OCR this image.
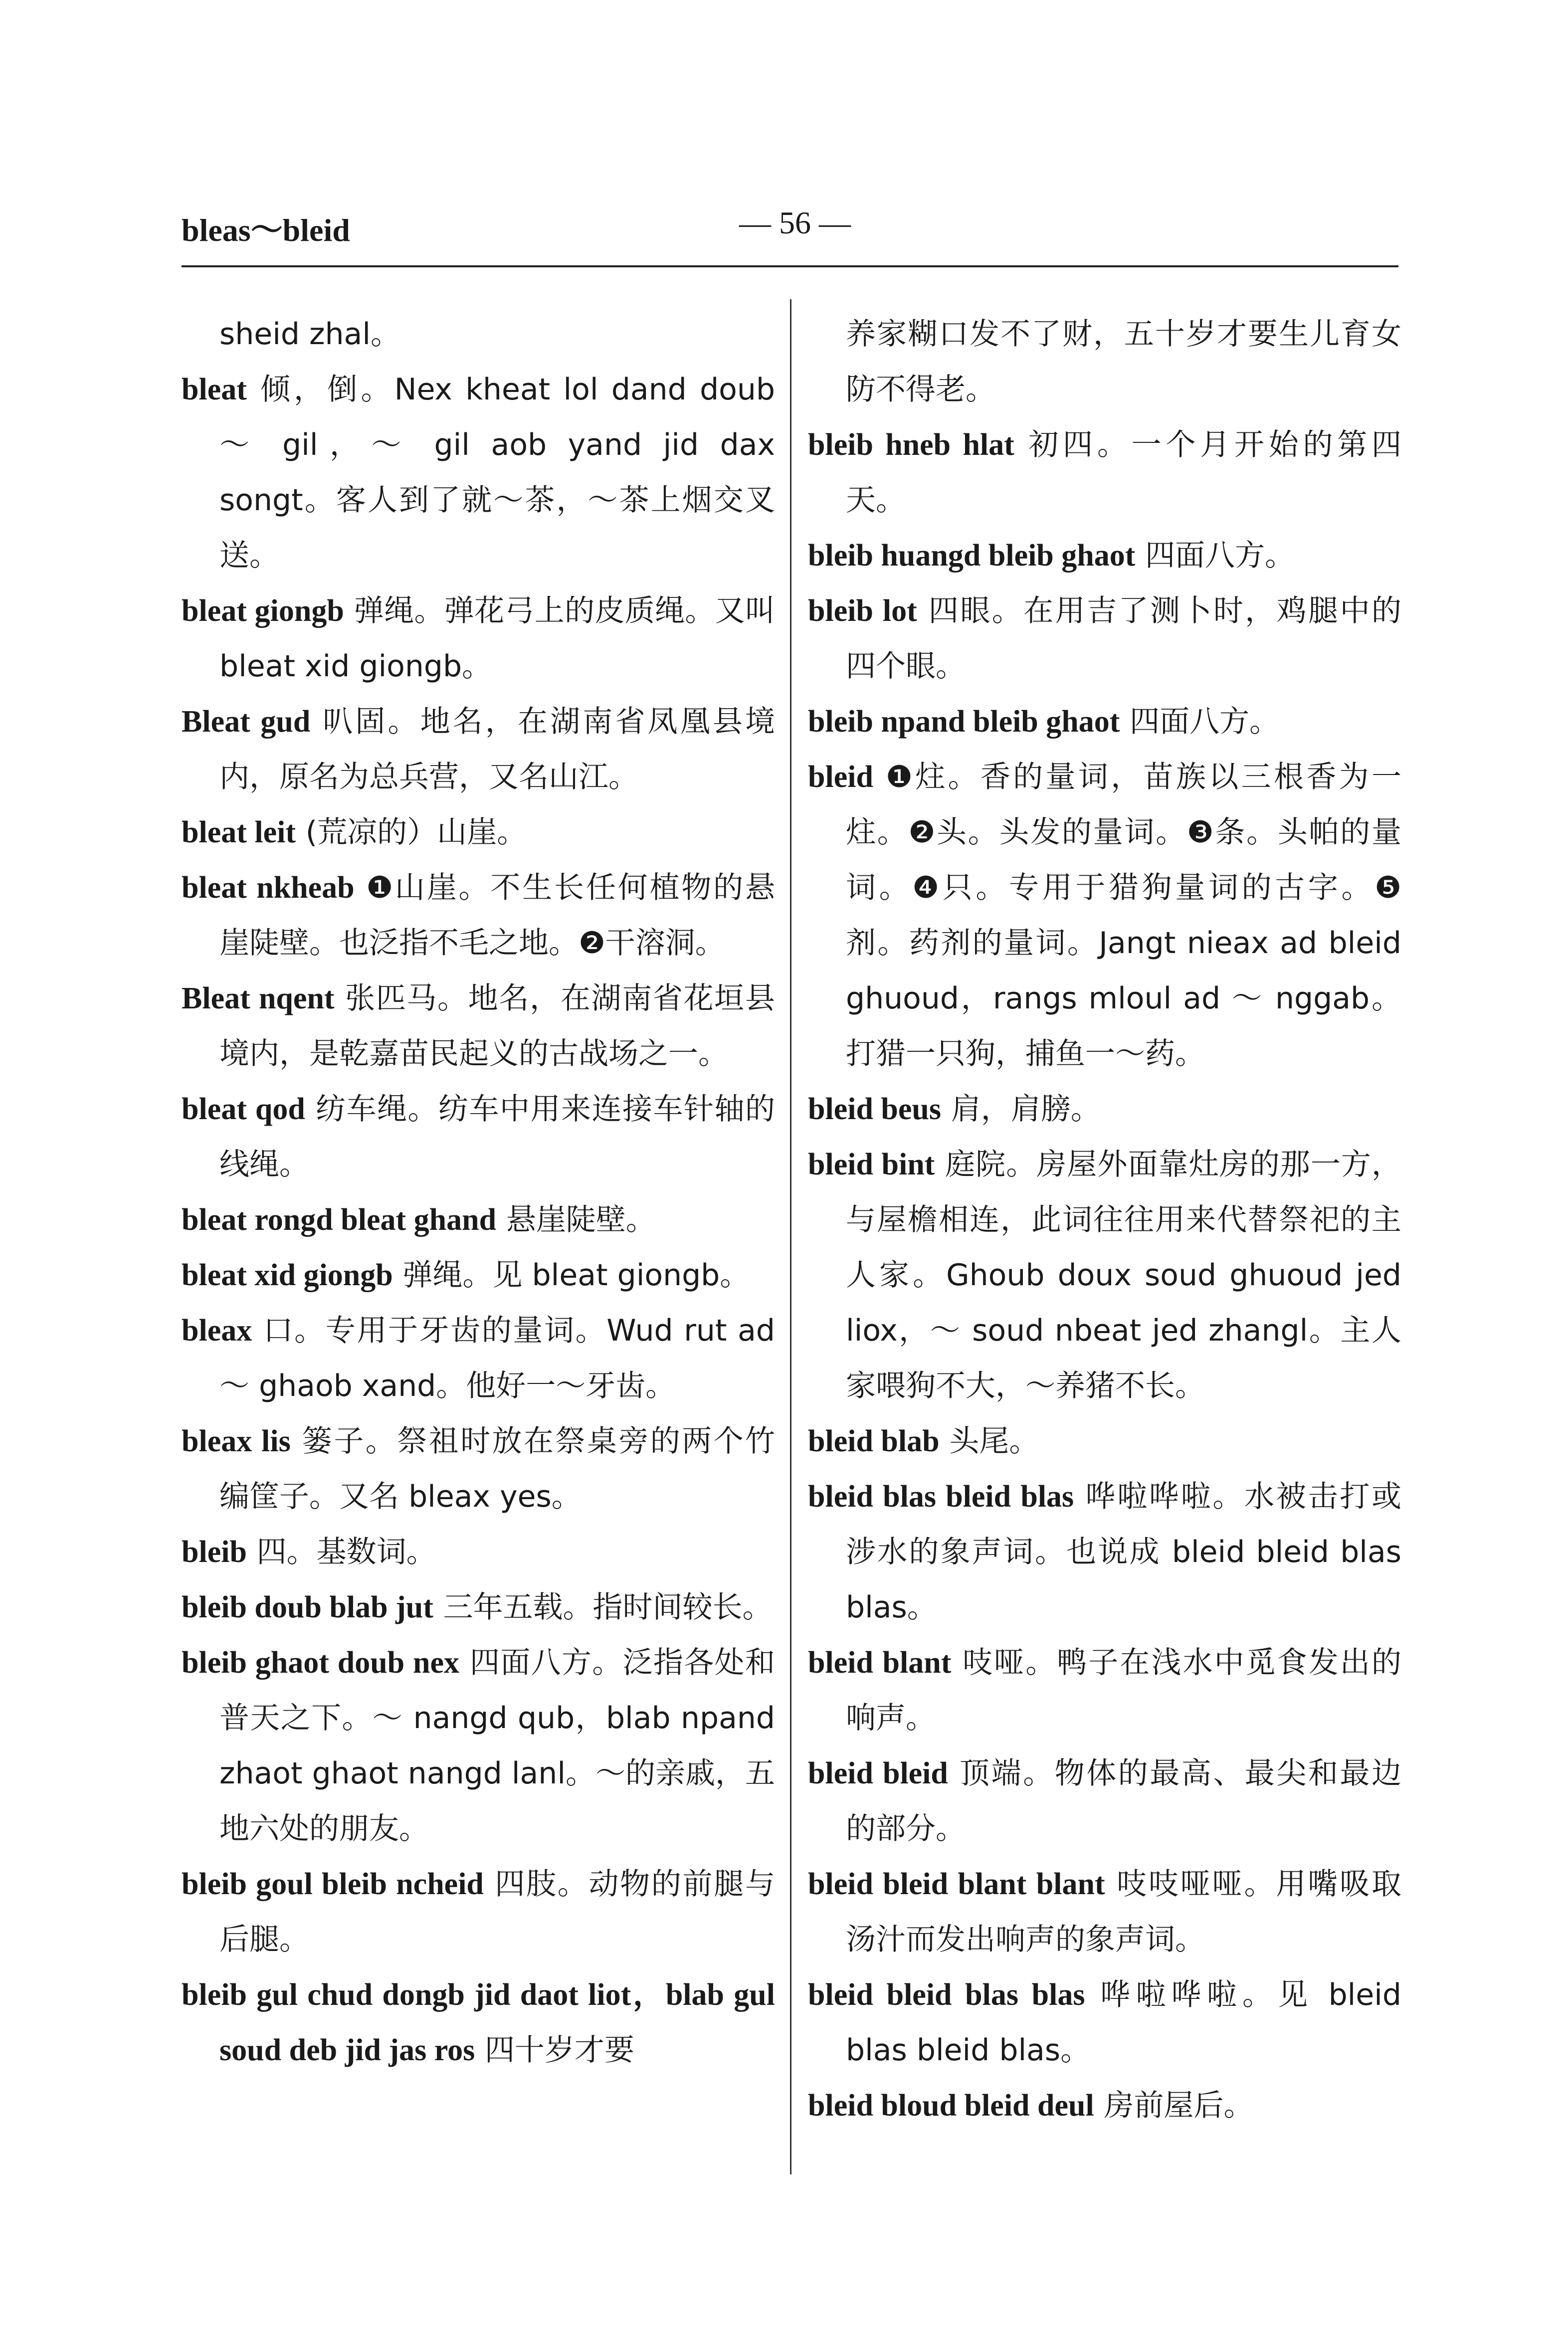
bleas～bleid	— 56 —
sheid zhal。
bleat 倾，倒。Nex kheat lol dand doub ～ gil，～ gil aob yand jid dax songt。客人到了就～茶，～茶上烟交叉送。
bleat giongb 弹绳。弹花弓上的皮质绳。又叫 bleat xid giongb。
Bleat gud 叭固。地名，在湖南省凤凰县境内，原名为总兵营，又名山江。
bleat leit (荒凉的）山崖。
bleat nkheab ❶山崖。不生长任何植物的悬崖陡壁。也泛指不毛之地。❷干溶洞。
Bleat nqent 张匹马。地名，在湖南省花垣县境内，是乾嘉苗民起义的古战场之一。
bleat qod 纺车绳。纺车中用来连接车针轴的线绳。
bleat rongd bleat ghand 悬崖陡壁。
bleat xid giongb 弹绳。见 bleat giongb。
bleax 口。专用于牙齿的量词。Wud rut ad ～ ghaob xand。他好一～牙齿。
bleax lis 篓子。祭祖时放在祭桌旁的两个竹编筐子。又名 bleax yes。
bleib 四。基数词。
bleib doub blab jut 三年五载。指时间较长。
bleib ghaot doub nex 四面八方。泛指各处和普天之下。～ nangd qub，blab npand zhaot ghaot nangd lanl。～的亲戚，五地六处的朋友。
bleib goul bleib ncheid 四肢。动物的前腿与后腿。
bleib gul chud dongb jid daot liot，blab gul soud deb jid jas ros 四十岁才要
养家糊口发不了财，五十岁才要生儿育女防不得老。
bleib hneb hlat 初四。一个月开始的第四天。
bleib huangd bleib ghaot 四面八方。
bleib lot 四眼。在用吉了测卜时，鸡腿中的四个眼。
bleib npand bleib ghaot 四面八方。
bleid ❶炷。香的量词，苗族以三根香为一炷。❷头。头发的量词。❸条。头帕的量词。❹只。专用于猎狗量词的古字。❺剂。药剂的量词。Jangt nieax ad bleid ghuoud，rangs mloul ad ～ nggab。打猎一只狗，捕鱼一～药。
bleid beus 肩，肩膀。
bleid bint 庭院。房屋外面靠灶房的那一方，与屋檐相连，此词往往用来代替祭祀的主人家。Ghoub doux soud ghuoud jed liox，～ soud nbeat jed zhangl。主人家喂狗不大，～养猪不长。
bleid blab 头尾。
bleid blas bleid blas 哗啦哗啦。水被击打或涉水的象声词。也说成 bleid bleid blas blas。
bleid blant 吱哑。鸭子在浅水中觅食发出的响声。
bleid bleid 顶端。物体的最高、最尖和最边的部分。
bleid bleid blant blant 吱吱哑哑。用嘴吸取汤汁而发出响声的象声词。
bleid bleid blas blas 哗啦哗啦。见 bleid blas bleid blas。
bleid bloud bleid deul 房前屋后。
